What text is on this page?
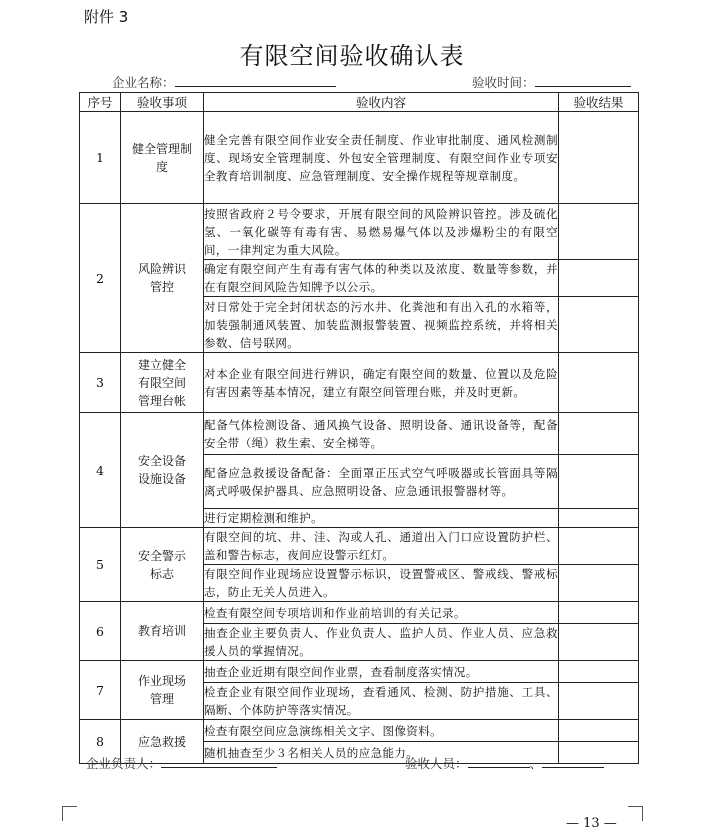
附件 3
有限空间验收确认表
企业名称：	验收时间：
序号	验收事项	验收内容	验收结果
1	健全管理制度	健全完善有限空间作业安全责任制度、作业审批制度、通风检测制度、现场安全管理制度、外包安全管理制度、有限空间作业专项安全教育培训制度、应急管理制度、安全操作规程等规章制度。	
2	风险辨识管控	按照省政府２号令要求，开展有限空间的风险辨识管控。涉及硫化氢、一氧化碳等有毒有害、易燃易爆气体以及涉爆粉尘的有限空间，一律判定为重大风险。	
		确定有限空间产生有毒有害气体的种类以及浓度、数量等参数，并在有限空间风险告知牌予以公示。	
		对日常处于完全封闭状态的污水井、化粪池和有出入孔的水箱等，加装强制通风装置、加装监测报警装置、视频监控系统，并将相关参数、信号联网。	
3	建立健全有限空间管理台帐	对本企业有限空间进行辨识，确定有限空间的数量、位置以及危险有害因素等基本情况，建立有限空间管理台账，并及时更新。	
4	安全设备设施设备	配备气体检测设备、通风换气设备、照明设备、通讯设备等，配备安全带（绳）救生索、安全梯等。	
		配备应急救援设备配备：全面罩正压式空气呼吸器或长管面具等隔离式呼吸保护器具、应急照明设备、应急通讯报警器材等。	
		进行定期检测和维护。	
5	安全警示标志	有限空间的坑、井、洼、沟或人孔、通道出入门口应设置防护栏、盖和警告标志，夜间应设警示红灯。	
		有限空间作业现场应设置警示标识，设置警戒区、警戒线、警戒标志，防止无关人员进入。	
6	教育培训	检查有限空间专项培训和作业前培训的有关记录。	
		抽查企业主要负责人、作业负责人、监护人员、作业人员、应急救援人员的掌握情况。	
7	作业现场管理	抽查企业近期有限空间作业票，查看制度落实情况。	
		检查企业有限空间作业现场，查看通风、检测、防护措施、工具、隔断、个体防护等落实情况。	
8	应急救援	检查有限空间应急演练相关文字、图像资料。	
		随机抽查至少３名相关人员的应急能力。	
企业负责人：	验收人员：	、
— 13 —
